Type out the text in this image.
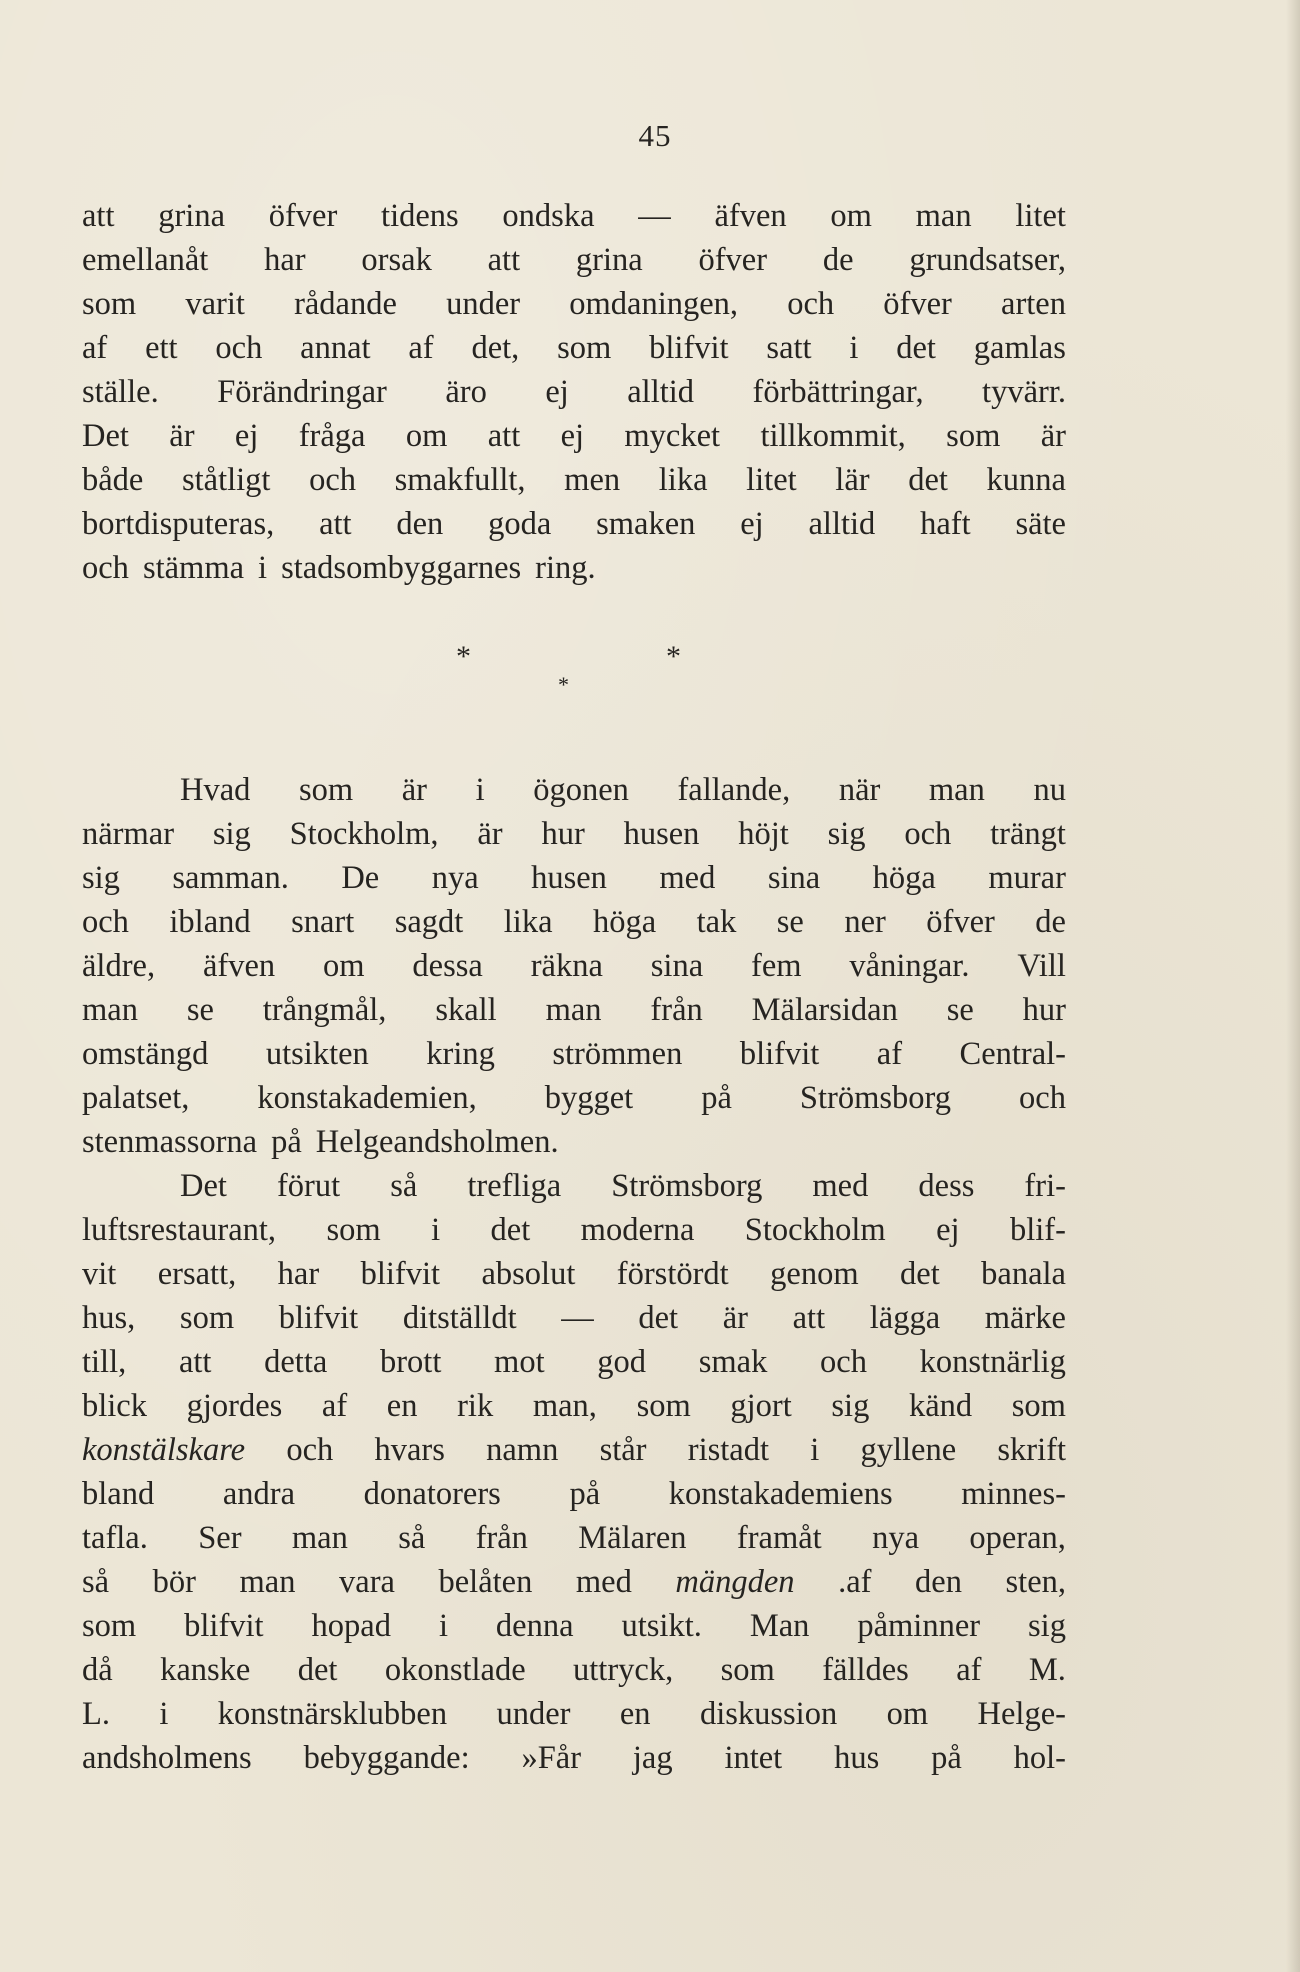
45
att grina öfver tidens ondska — äfven om man litet
emellanåt har orsak att grina öfver de grundsatser,
som varit rådande under omdaningen, och öfver arten
af ett och annat af det, som blifvit satt i det gamlas
ställe. Förändringar äro ej alltid förbättringar, tyvärr.
Det är ej fråga om att ej mycket tillkommit, som är
både ståtligt och smakfullt, men lika litet lär det kunna
bortdisputeras, att den goda smaken ej alltid haft säte
och stämma i stadsombyggarnes ring.
*	*
*
Hvad som är i ögonen fallande, när man nu
närmar sig Stockholm, är hur husen höjt sig och trängt
sig samman. De nya husen med sina höga murar
och ibland snart sagdt lika höga tak se ner öfver de
äldre, äfven om dessa räkna sina fem våningar. Vill
man se trångmål, skall man från Mälarsidan se hur
omstängd utsikten kring strömmen blifvit af Central-
palatset, konstakademien, bygget på Strömsborg och
stenmassorna på Helgeandsholmen.
Det förut så trefliga Strömsborg med dess fri-
luftsrestaurant, som i det moderna Stockholm ej blif-
vit ersatt, har blifvit absolut förstördt genom det banala
hus, som blifvit ditställdt — det är att lägga märke
till, att detta brott mot god smak och konstnärlig
blick gjordes af en rik man, som gjort sig känd som
konstälskare och hvars namn står ristadt i gyllene skrift
bland andra donatorers på konstakademiens minnes-
tafla. Ser man så från Mälaren framåt nya operan,
så bör man vara belåten med mängden .af den sten,
som blifvit hopad i denna utsikt. Man påminner sig
då kanske det okonstlade uttryck, som fälldes af M.
L. i konstnärsklubben under en diskussion om Helge-
andsholmens bebyggande: »Får jag intet hus på hol-
